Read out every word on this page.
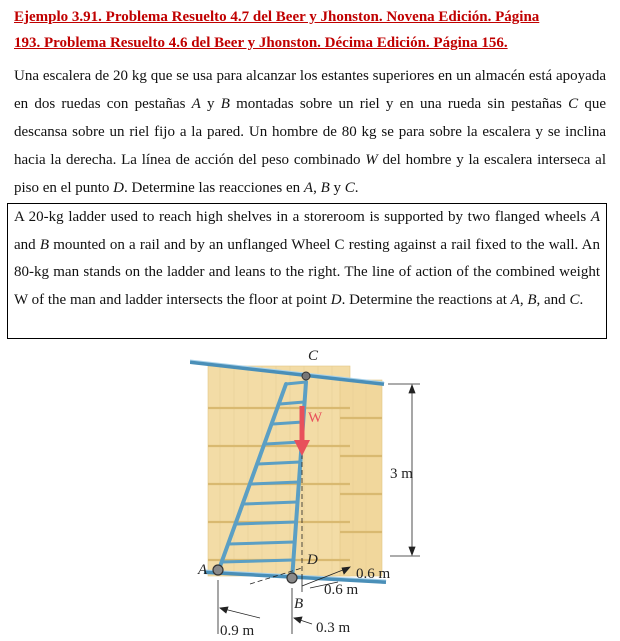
Ejemplo 3.91. Problema Resuelto 4.7 del Beer y Jhonston. Novena Edición. Página
193. Problema Resuelto 4.6 del Beer y Jhonston. Décima Edición. Página 156.
Una escalera de 20 kg que se usa para alcanzar los estantes superiores en un almacén está apoyada en dos ruedas con pestañas A y B montadas sobre un riel y en una rueda sin pestañas C que descansa sobre un riel fijo a la pared. Un hombre de 80 kg se para sobre la escalera y se inclina hacia la derecha. La línea de acción del peso combinado W del hombre y la escalera interseca al piso en el punto D. Determine las reacciones en A, B y C.
A 20-kg ladder used to reach high shelves in a storeroom is supported by two flanged wheels A and B mounted on a rail and by an unflanged Wheel C resting against a rail fixed to the wall. An 80-kg man stands on the ladder and leans to the right. The line of action of the combined weight W of the man and ladder intersects the floor at point D. Determine the reactions at A, B, and C.
C
W
A
D
B
3 m
0.6 m
0.6 m
0.9 m	0.3 m
